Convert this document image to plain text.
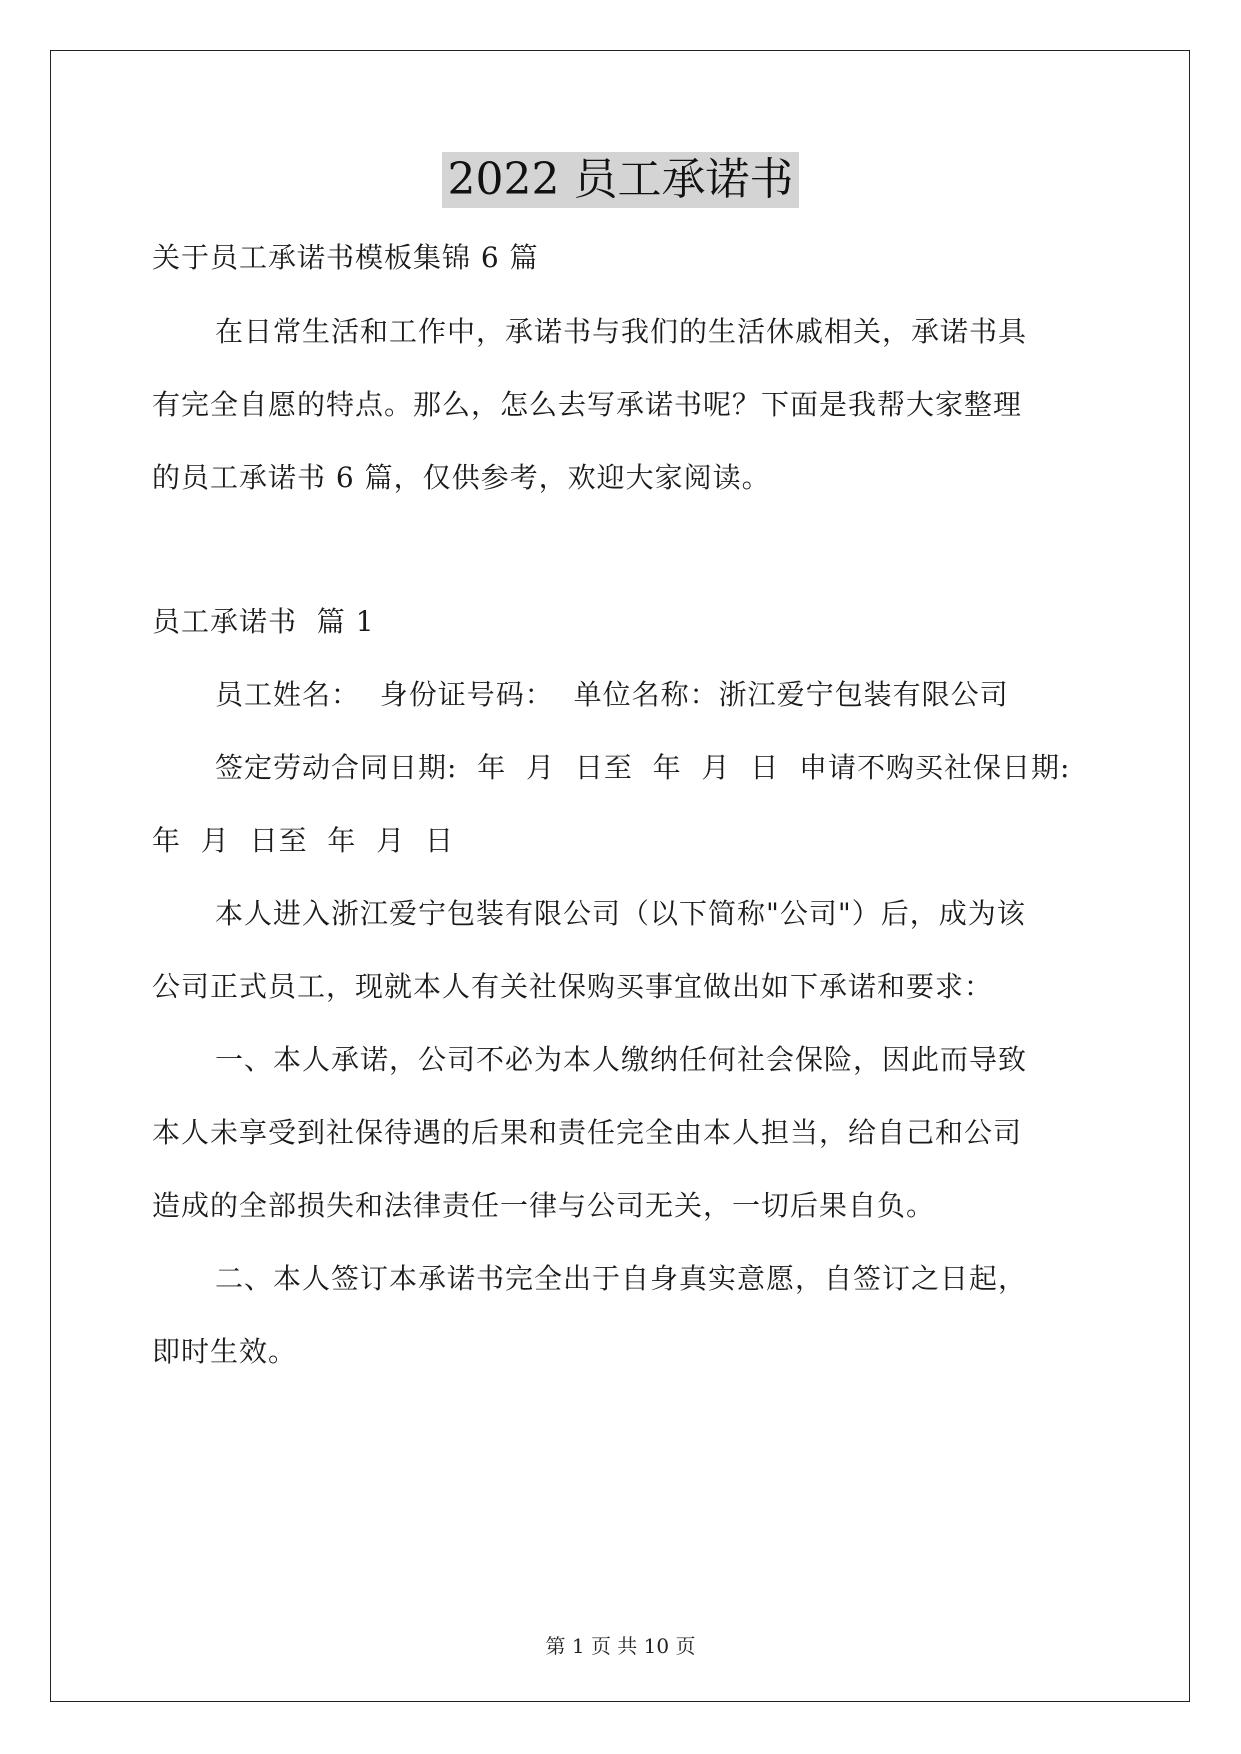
2022 员工承诺书
关于员工承诺书模板集锦 6 篇
在日常生活和工作中，承诺书与我们的生活休戚相关，承诺书具
有完全自愿的特点。那么，怎么去写承诺书呢？下面是我帮大家整理
的员工承诺书 6 篇，仅供参考，欢迎大家阅读。
员工承诺书  篇 1
员工姓名：  身份证号码：  单位名称：浙江爱宁包装有限公司
签定劳动合同日期:  年  月  日至  年  月  日  申请不购买社保日期:
年  月  日至  年  月  日
本人进入浙江爱宁包装有限公司（以下简称"公司"）后，成为该
公司正式员工，现就本人有关社保购买事宜做出如下承诺和要求：
一、本人承诺，公司不必为本人缴纳任何社会保险，因此而导致
本人未享受到社保待遇的后果和责任完全由本人担当，给自己和公司
造成的全部损失和法律责任一律与公司无关，一切后果自负。
二、本人签订本承诺书完全出于自身真实意愿，自签订之日起，
即时生效。
第 1 页 共 10 页
